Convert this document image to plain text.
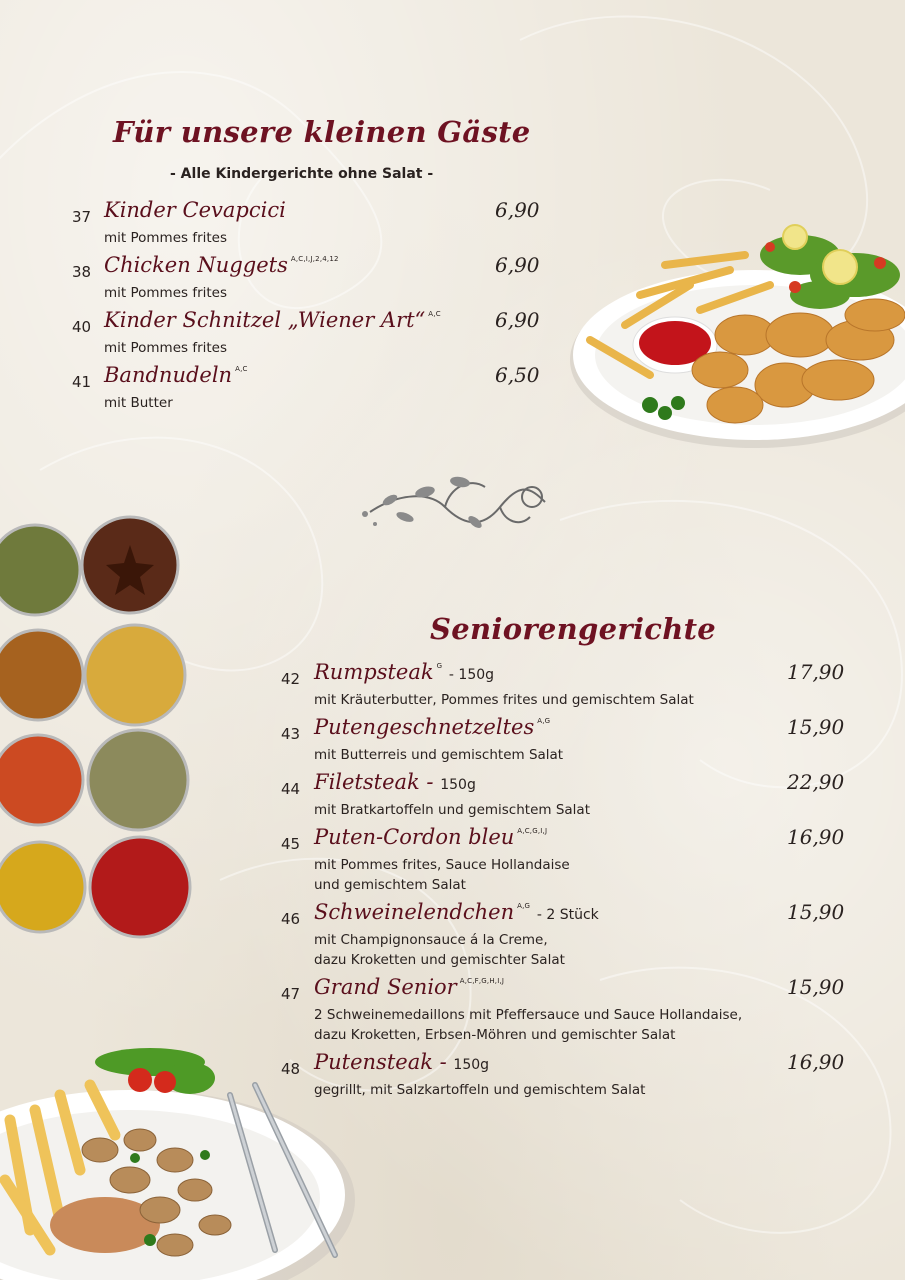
Für unsere kleinen Gäste

- Alle Kindergerichte ohne Salat -

37 Kinder Cevapcici	6,90
mit Pommes frites
38 Chicken Nuggets $^{A,C,I,J,2,4,12}$	6,90
mit Pommes frites
40 Kinder Schnitzel „Wiener Art“ $^{A,C}$	6,90
mit Pommes frites
41 Bandnudeln $^{A,C}$	6,50
mit Butter
Seniorengerichte
42 Rumpsteak $^G$ - 150g	17,90
mit Kräuterbutter, Pommes frites und gemischtem Salat
43 Putengeschnetzeltes $^{A,G}$	15,90
mit Butterreis und gemischtem Salat
44 Filetsteak - 150g	22,90
mit Bratkartoffeln und gemischtem Salat
45 Puten-Cordon bleu $^{A,C,G,I,J}$	16,90
mit Pommes frites, Sauce Hollandaise
und gemischtem Salat
46 Schweinelendchen $^{A,G}$ - 2 Stück	15,90
mit Champignonsauce á la Creme,
dazu Kroketten und gemischter Salat
47 Grand Senior $^{A,C,F,G,H,I,J}$	15,90
2 Schweinemedaillons mit Pfeffersauce und Sauce Hollandaise,
dazu Kroketten, Erbsen-Möhren und gemischter Salat
48 Putensteak - 150g	16,90
gegrillt, mit Salzkartoffeln und gemischtem Salat
